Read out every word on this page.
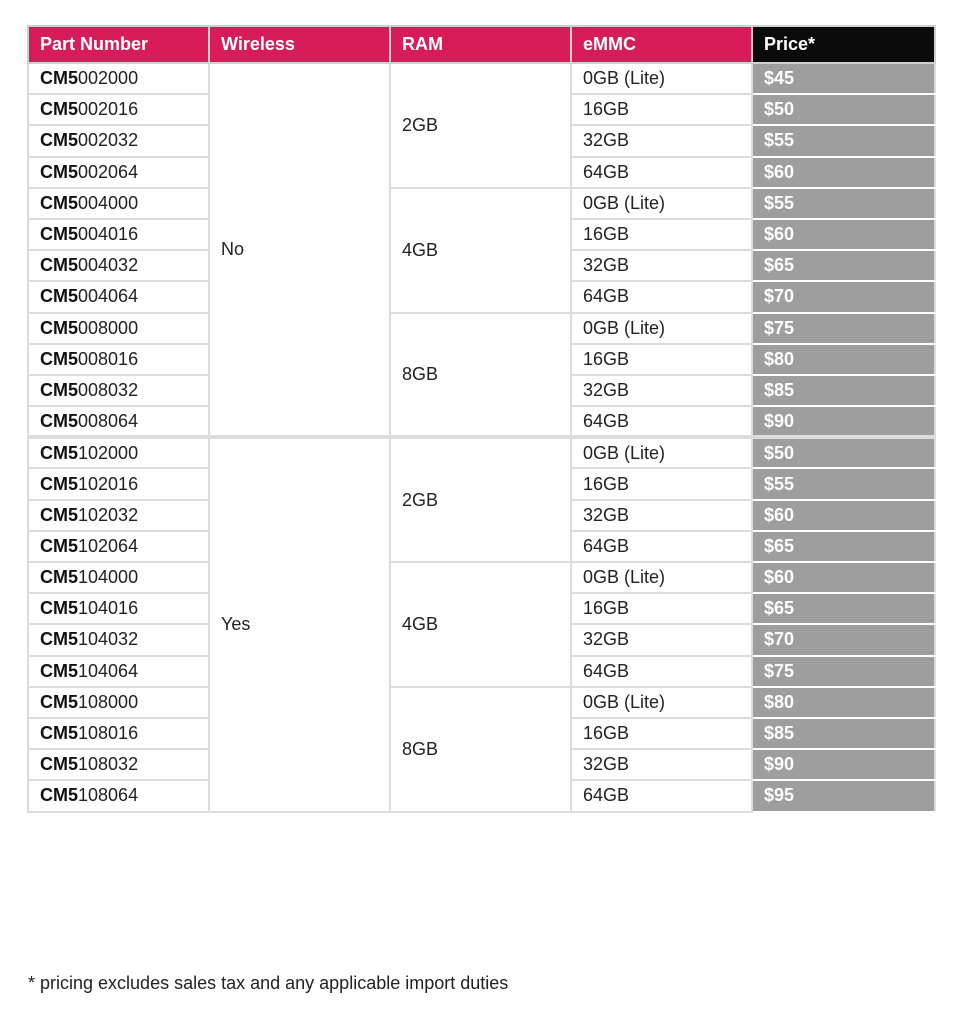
Part Number	Wireless	RAM	eMMC	Price*
CM5002000	No	2GB	0GB (Lite)	$45
CM5002016			16GB	$50
CM5002032			32GB	$55
CM5002064			64GB	$60
CM5004000		4GB	0GB (Lite)	$55
CM5004016			16GB	$60
CM5004032			32GB	$65
CM5004064			64GB	$70
CM5008000		8GB	0GB (Lite)	$75
CM5008016			16GB	$80
CM5008032			32GB	$85
CM5008064			64GB	$90
CM5102000	Yes	2GB	0GB (Lite)	$50
CM5102016			16GB	$55
CM5102032			32GB	$60
CM5102064			64GB	$65
CM5104000		4GB	0GB (Lite)	$60
CM5104016			16GB	$65
CM5104032			32GB	$70
CM5104064			64GB	$75
CM5108000		8GB	0GB (Lite)	$80
CM5108016			16GB	$85
CM5108032			32GB	$90
CM5108064			64GB	$95

* pricing excludes sales tax and any applicable import duties
